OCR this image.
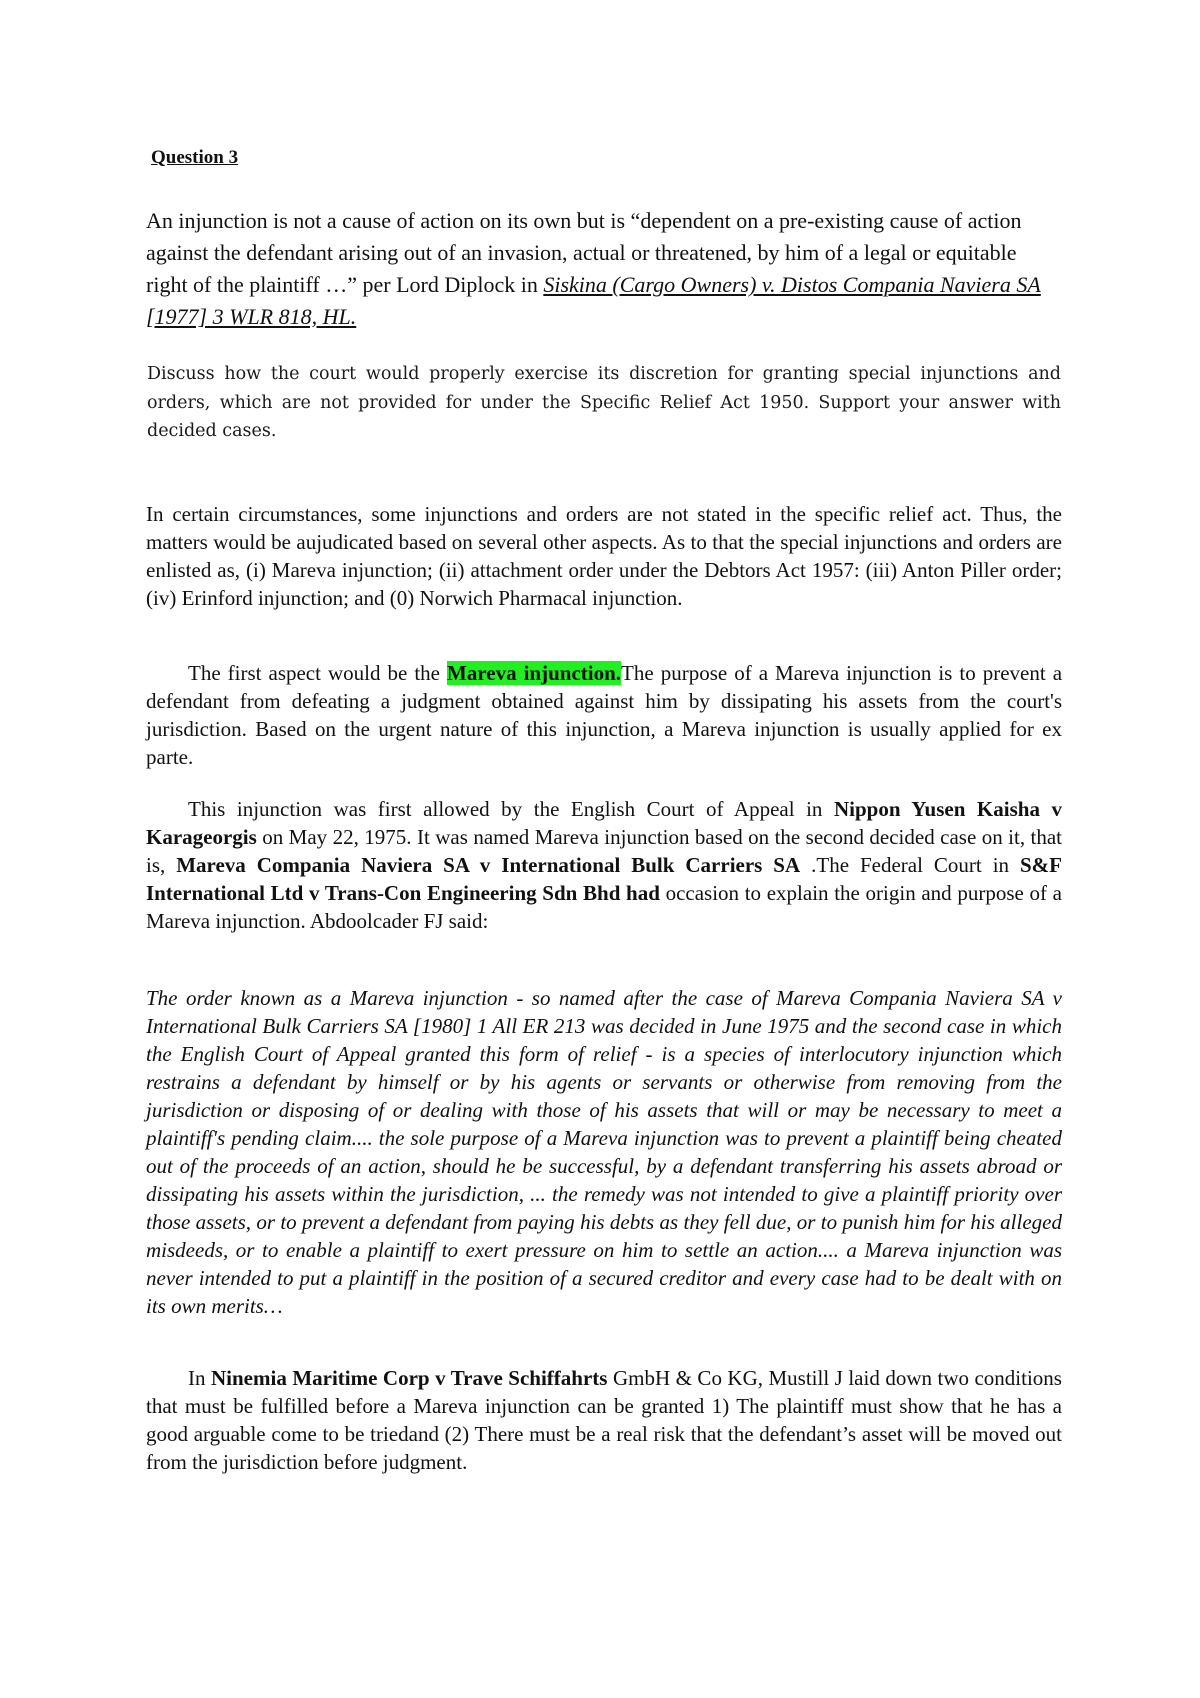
Question 3
An injunction is not a cause of action on its own but is “dependent on a pre-existing cause of action against the defendant arising out of an invasion, actual or threatened, by him of a legal or equitable right of the plaintiff …” per Lord Diplock in Siskina (Cargo Owners) v. Distos Compania Naviera SA [1977] 3 WLR 818, HL.
Discuss how the court would properly exercise its discretion for granting special injunctions and orders, which are not provided for under the Specific Relief Act 1950. Support your answer with decided cases.
In certain circumstances, some injunctions and orders are not stated in the specific relief act. Thus, the matters would be aujudicated based on several other aspects. As to that the special injunctions and orders are enlisted as, (i) Mareva injunction; (ii) attachment order under the Debtors Act 1957: (iii) Anton Piller order; (iv) Erinford injunction; and (0) Norwich Pharmacal injunction.
The first aspect would be the Mareva injunction.The purpose of a Mareva injunction is to prevent a defendant from defeating a judgment obtained against him by dissipating his assets from the court's jurisdiction. Based on the urgent nature of this injunction, a Mareva injunction is usually applied for ex parte.
This injunction was first allowed by the English Court of Appeal in Nippon Yusen Kaisha v Karageorgis on May 22, 1975. It was named Mareva injunction based on the second decided case on it, that is, Mareva Compania Naviera SA v International Bulk Carriers SA .The Federal Court in S&F International Ltd v Trans-Con Engineering Sdn Bhd had occasion to explain the origin and purpose of a Mareva injunction. Abdoolcader FJ said:
The order known as a Mareva injunction - so named after the case of Mareva Compania Naviera SA v International Bulk Carriers SA [1980] 1 All ER 213 was decided in June 1975 and the second case in which the English Court of Appeal granted this form of relief - is a species of interlocutory injunction which restrains a defendant by himself or by his agents or servants or otherwise from removing from the jurisdiction or disposing of or dealing with those of his assets that will or may be necessary to meet a plaintiff's pending claim.... the sole purpose of a Mareva injunction was to prevent a plaintiff being cheated out of the proceeds of an action, should he be successful, by a defendant transferring his assets abroad or dissipating his assets within the jurisdiction, ... the remedy was not intended to give a plaintiff priority over those assets, or to prevent a defendant from paying his debts as they fell due, or to punish him for his alleged misdeeds, or to enable a plaintiff to exert pressure on him to settle an action.... a Mareva injunction was never intended to put a plaintiff in the position of a secured creditor and every case had to be dealt with on its own merits…
In Ninemia Maritime Corp v Trave Schiffahrts GmbH & Co KG, Mustill J laid down two conditions that must be fulfilled before a Mareva injunction can be granted 1) The plaintiff must show that he has a good arguable come to be triedand (2) There must be a real risk that the defendant’s asset will be moved out from the jurisdiction before judgment.
